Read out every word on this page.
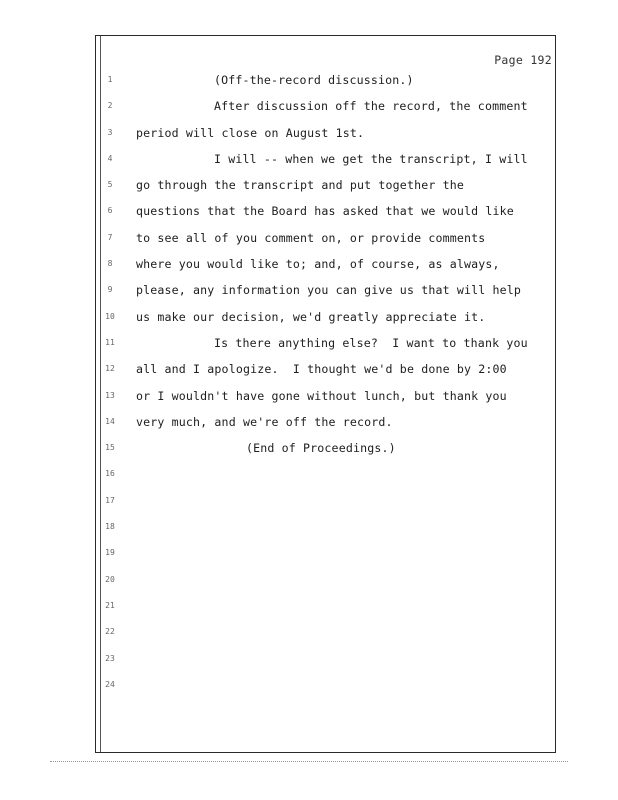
Page 192
1	(Off-the-record discussion.)
2	After discussion off the record, the comment
3	period will close on August 1st.
4	I will -- when we get the transcript, I will
5	go through the transcript and put together the
6	questions that the Board has asked that we would like
7	to see all of you comment on, or provide comments
8	where you would like to; and, of course, as always,
9	please, any information you can give us that will help
10	us make our decision, we'd greatly appreciate it.
11	Is there anything else?  I want to thank you
12	all and I apologize.  I thought we'd be done by 2:00
13	or I wouldn't have gone without lunch, but thank you
14	very much, and we're off the record.
15	(End of Proceedings.)
16
17
18
19
20
21
22
23
24
